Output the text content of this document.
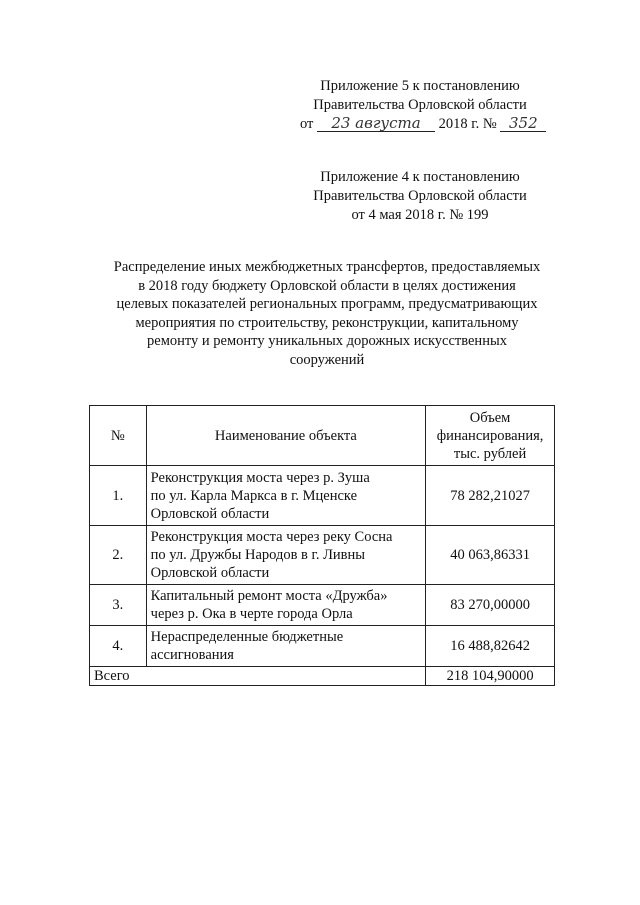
Приложение 5 к постановлению
Правительства Орловской области
от 23 августа 2018 г. № 352
Приложение 4 к постановлению
Правительства Орловской области
от 4 мая 2018 г. № 199
Распределение иных межбюджетных трансфертов, предоставляемых
в 2018 году бюджету Орловской области в целях достижения
целевых показателей региональных программ, предусматривающих
мероприятия по строительству, реконструкции, капитальному
ремонту и ремонту уникальных дорожных искусственных
сооружений
№	Наименование объекта	Объем
финансирования,
тыс. рублей

1.	Реконструкция моста через р. Зуша
по ул. Карла Маркса в г. Мценске
Орловской области	78 282,21027
2.	Реконструкция моста через реку Сосна
по ул. Дружбы Народов в г. Ливны
Орловской области	40 063,86331
3.	Капитальный ремонт моста «Дружба»
через р. Ока в черте города Орла	83 270,00000
4.	Нераспределенные бюджетные
ассигнования	16 488,82642
Всего		218 104,90000
